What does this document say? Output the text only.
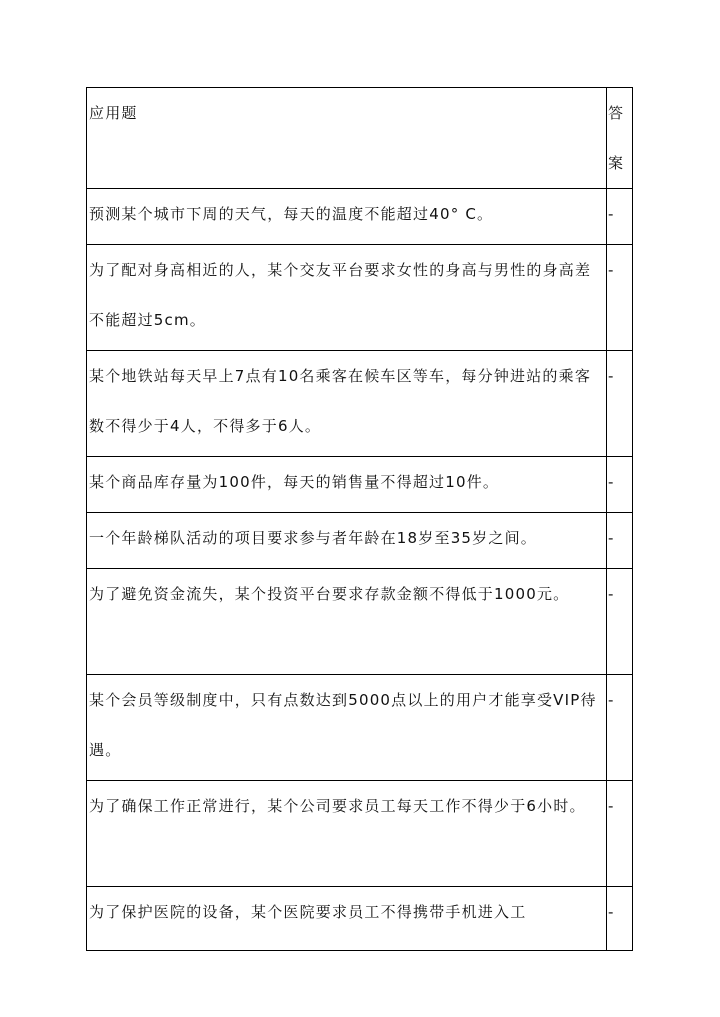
应用题	答案

预测某个城市下周的天气，每天的温度不能超过40° C。	-

为了配对身高相近的人，某个交友平台要求女性的身高与男性的身高差不能超过5cm。	-

某个地铁站每天早上7点有10名乘客在候车区等车，每分钟进站的乘客数不得少于4人，不得多于6人。	-

某个商品库存量为100件，每天的销售量不得超过10件。	-

一个年龄梯队活动的项目要求参与者年龄在18岁至35岁之间。	-

为了避免资金流失，某个投资平台要求存款金额不得低于1000元。	-

某个会员等级制度中，只有点数达到5000点以上的用户才能享受VIP待遇。	-

为了确保工作正常进行，某个公司要求员工每天工作不得少于6小时。	-

为了保护医院的设备，某个医院要求员工不得携带手机进入工	-
